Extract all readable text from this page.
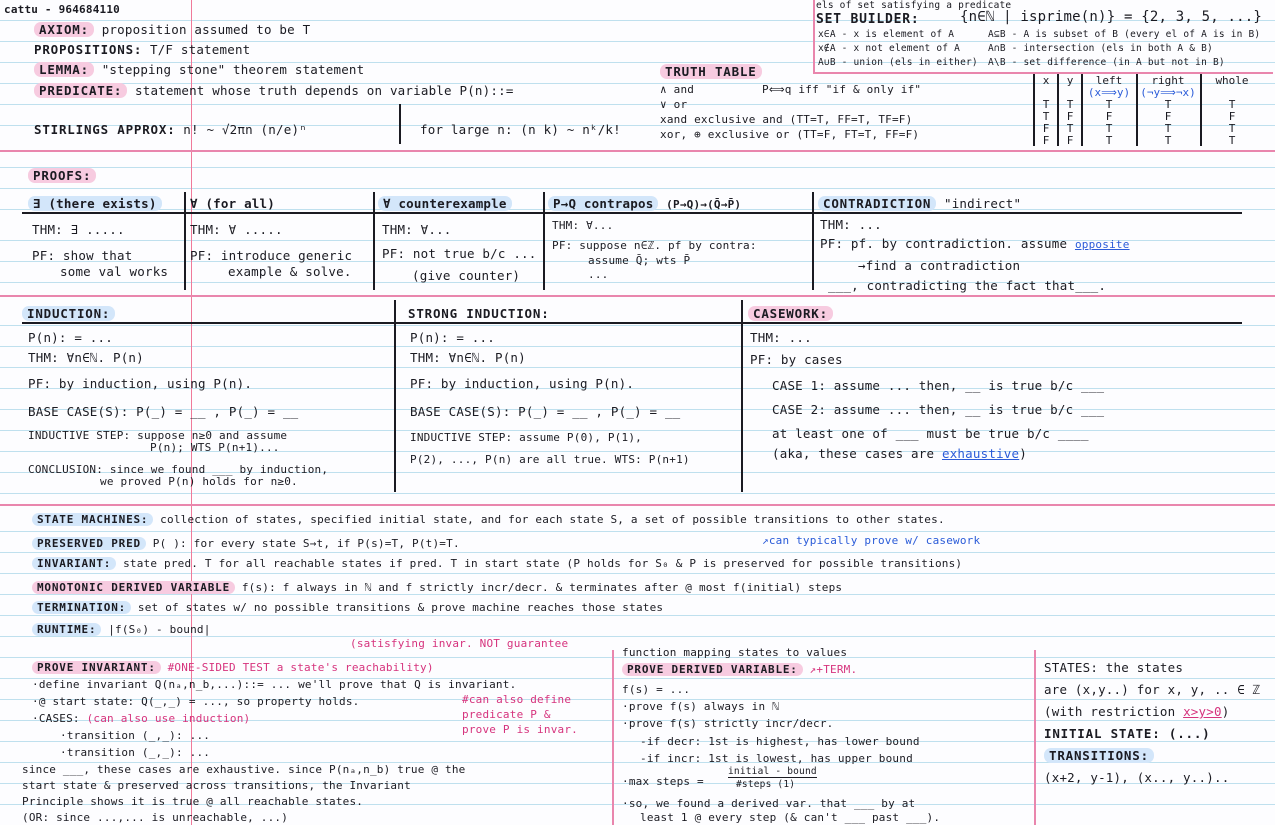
cattu - 964684110
AXIOM: proposition assumed to be T
PROPOSITIONS: T/F statement
LEMMA: "stepping stone" theorem statement
PREDICATE: statement whose truth depends on variable P(n)::=
STIRLINGS APPROX: n! ~ √2πn (n/e)ⁿ	for large n: (n k) ~ nᵏ/k!
TRUTH TABLE
∧ and	P⟺q iff "if & only if"
∨ or
xand exclusive and (TT=T, FF=T, TF=F)
xor, ⊕ exclusive or (TT=F, FT=T, FF=F)
x	y	left	right	whole
(x⟹y) (¬y⟹¬x)
T	T	T	T	T
T	F	F	F	F
F	T	T	T	T
F	F	T	T	T
els of set satisfying a predicate
SET BUILDER:	{n∈ℕ | isprime(n)} = {2, 3, 5, ...}
x∈A - x is element of A	A⊆B - A is subset of B (every el of A is in B)
x∉A - x not element of A	A∩B - intersection (els in both A & B)
A∪B - union (els in either) A\B - set difference (in A but not in B)
PROOFS:
∃ (there exists)
THM: ∃ .....
PF: show that
some val works
∀ (for all)
THM: ∀ .....
PF: introduce generic
example & solve.
∀ counterexample
THM: ∀...
PF: not true b/c ...
(give counter)
P→Q contrapos (P→Q)→(Q̄→P̄)
THM: ∀...
PF: suppose n∈ℤ. pf by contra:
assume Q̄; wts P̄
...
CONTRADICTION "indirect"
THM: ...
PF: pf. by contradiction. assume opposite
→find a contradiction
___, contradicting the fact that___.
INDUCTION:
P(n): = ...
THM: ∀n∈ℕ. P(n)
PF: by induction, using P(n).
BASE CASE(S): P(_) = __ , P(_) = __
INDUCTIVE STEP: suppose n≥0 and assume
P(n); WTS P(n+1)...
CONCLUSION: since we found ___ by induction,
we proved P(n) holds for n≥0.
STRONG INDUCTION:
P(n): = ...
THM: ∀n∈ℕ. P(n)
PF: by induction, using P(n).
BASE CASE(S): P(_) = __ , P(_) = __
INDUCTIVE STEP: assume P(0), P(1),
P(2), ..., P(n) are all true. WTS: P(n+1)
CASEWORK:
THM: ...
PF: by cases
CASE 1: assume ... then, __ is true b/c ___
CASE 2: assume ... then, __ is true b/c ___
at least one of ___ must be true b/c ____
(aka, these cases are exhaustive)
STATE MACHINES: collection of states, specified initial state, and for each state S, a set of possible transitions to other states.
PRESERVED PRED P( ): for every state S→t, if P(s)=T, P(t)=T.	↗can typically prove w/ casework
INVARIANT: state pred. T for all reachable states if pred. T in start state (P holds for S₀ & P is preserved for possible transitions)
MONOTONIC DERIVED VARIABLE f(s): f always in ℕ and f strictly incr/decr. & terminates after @ most f(initial) steps
TERMINATION: set of states w/ no possible transitions & prove machine reaches those states
RUNTIME: |f(S₀) - bound|
(satisfying invar. NOT guarantee
PROVE INVARIANT: #ONE-SIDED TEST a state's reachability)
·define invariant Q(nₐ,n_b,...)::= ... we'll prove that Q is invariant.
·@ start state: Q(_,_) = ..., so property holds.
·CASES: (can also use induction)
·transition (_,_): ...
·transition (_,_): ...
#can also define
predicate P &
prove P is invar.
since ___, these cases are exhaustive. since P(nₐ,n_b) true @ the
start state & preserved across transitions, the Invariant
Principle shows it is true @ all reachable states.
(OR: since ...,... is unreachable, ...)
function mapping states to values
PROVE DERIVED VARIABLE: ↗+TERM.
f(s) = ...
·prove f(s) always in ℕ
·prove f(s) strictly incr/decr.
-if decr: 1st is highest, has lower bound
-if incr: 1st is lowest, has upper bound
·max steps =
initial - bound
#steps (1)
·so, we found a derived var. that ___ by at
least 1 @ every step (& can't ___ past ___).
STATES: the states
are (x,y..) for x, y, .. ∈ ℤ
(with restriction x>y>0)
INITIAL STATE: (...)
TRANSITIONS:
(x+2, y-1), (x.., y..)..
